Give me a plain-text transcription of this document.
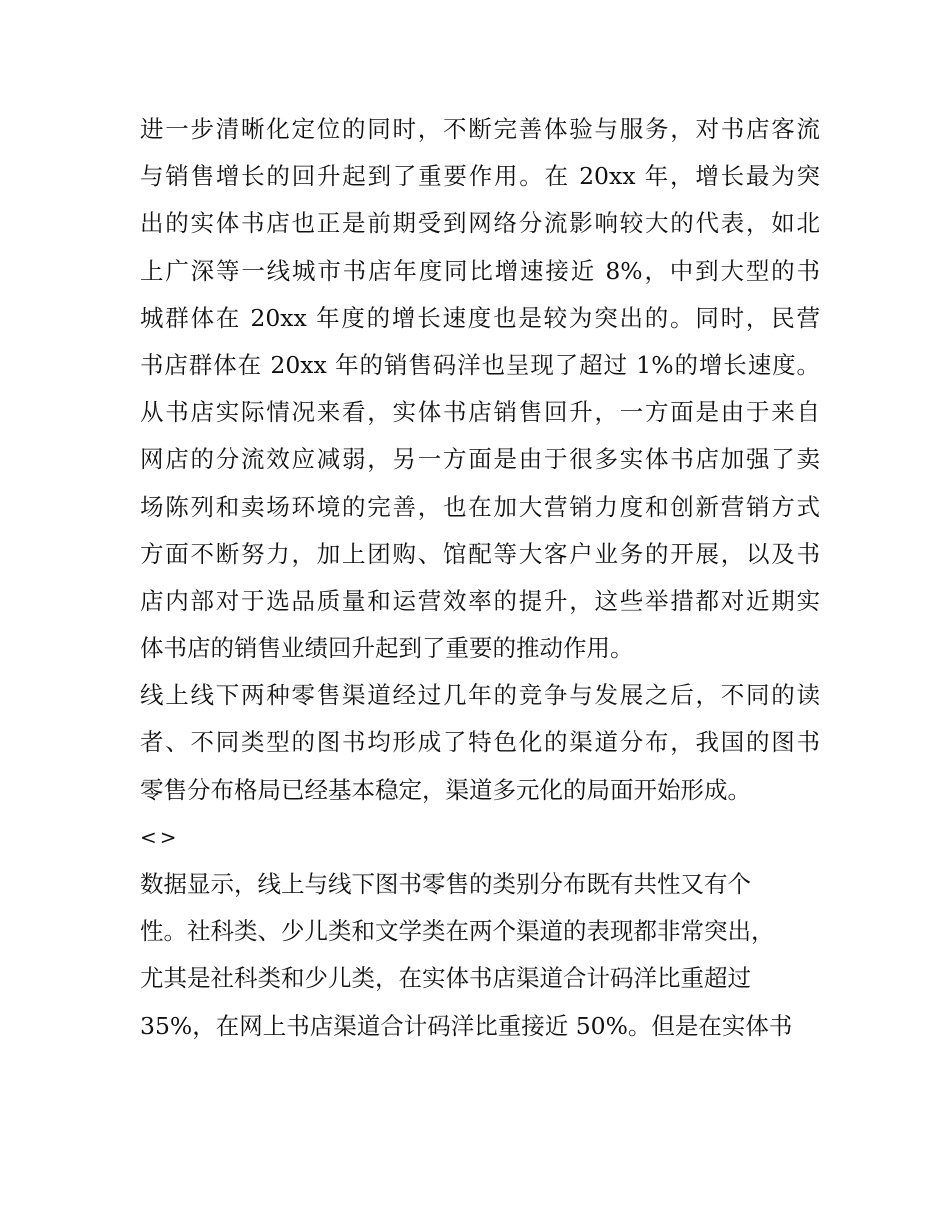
进一步清晰化定位的同时，不断完善体验与服务，对书店客流
与销售增长的回升起到了重要作用。在 20xx 年，增长最为突
出的实体书店也正是前期受到网络分流影响较大的代表，如北
上广深等一线城市书店年度同比增速接近 8%，中到大型的书
城群体在 20xx 年度的增长速度也是较为突出的。同时，民营
书店群体在 20xx 年的销售码洋也呈现了超过 1%的增长速度。
从书店实际情况来看，实体书店销售回升，一方面是由于来自
网店的分流效应减弱，另一方面是由于很多实体书店加强了卖
场陈列和卖场环境的完善，也在加大营销力度和创新营销方式
方面不断努力，加上团购、馆配等大客户业务的开展，以及书
店内部对于选品质量和运营效率的提升，这些举措都对近期实
体书店的销售业绩回升起到了重要的推动作用。
线上线下两种零售渠道经过几年的竞争与发展之后，不同的读
者、不同类型的图书均形成了特色化的渠道分布，我国的图书
零售分布格局已经基本稳定，渠道多元化的局面开始形成。
<>
数据显示，线上与线下图书零售的类别分布既有共性又有个
性。社科类、少儿类和文学类在两个渠道的表现都非常突出，
尤其是社科类和少儿类，在实体书店渠道合计码洋比重超过
35%，在网上书店渠道合计码洋比重接近 50%。但是在实体书
